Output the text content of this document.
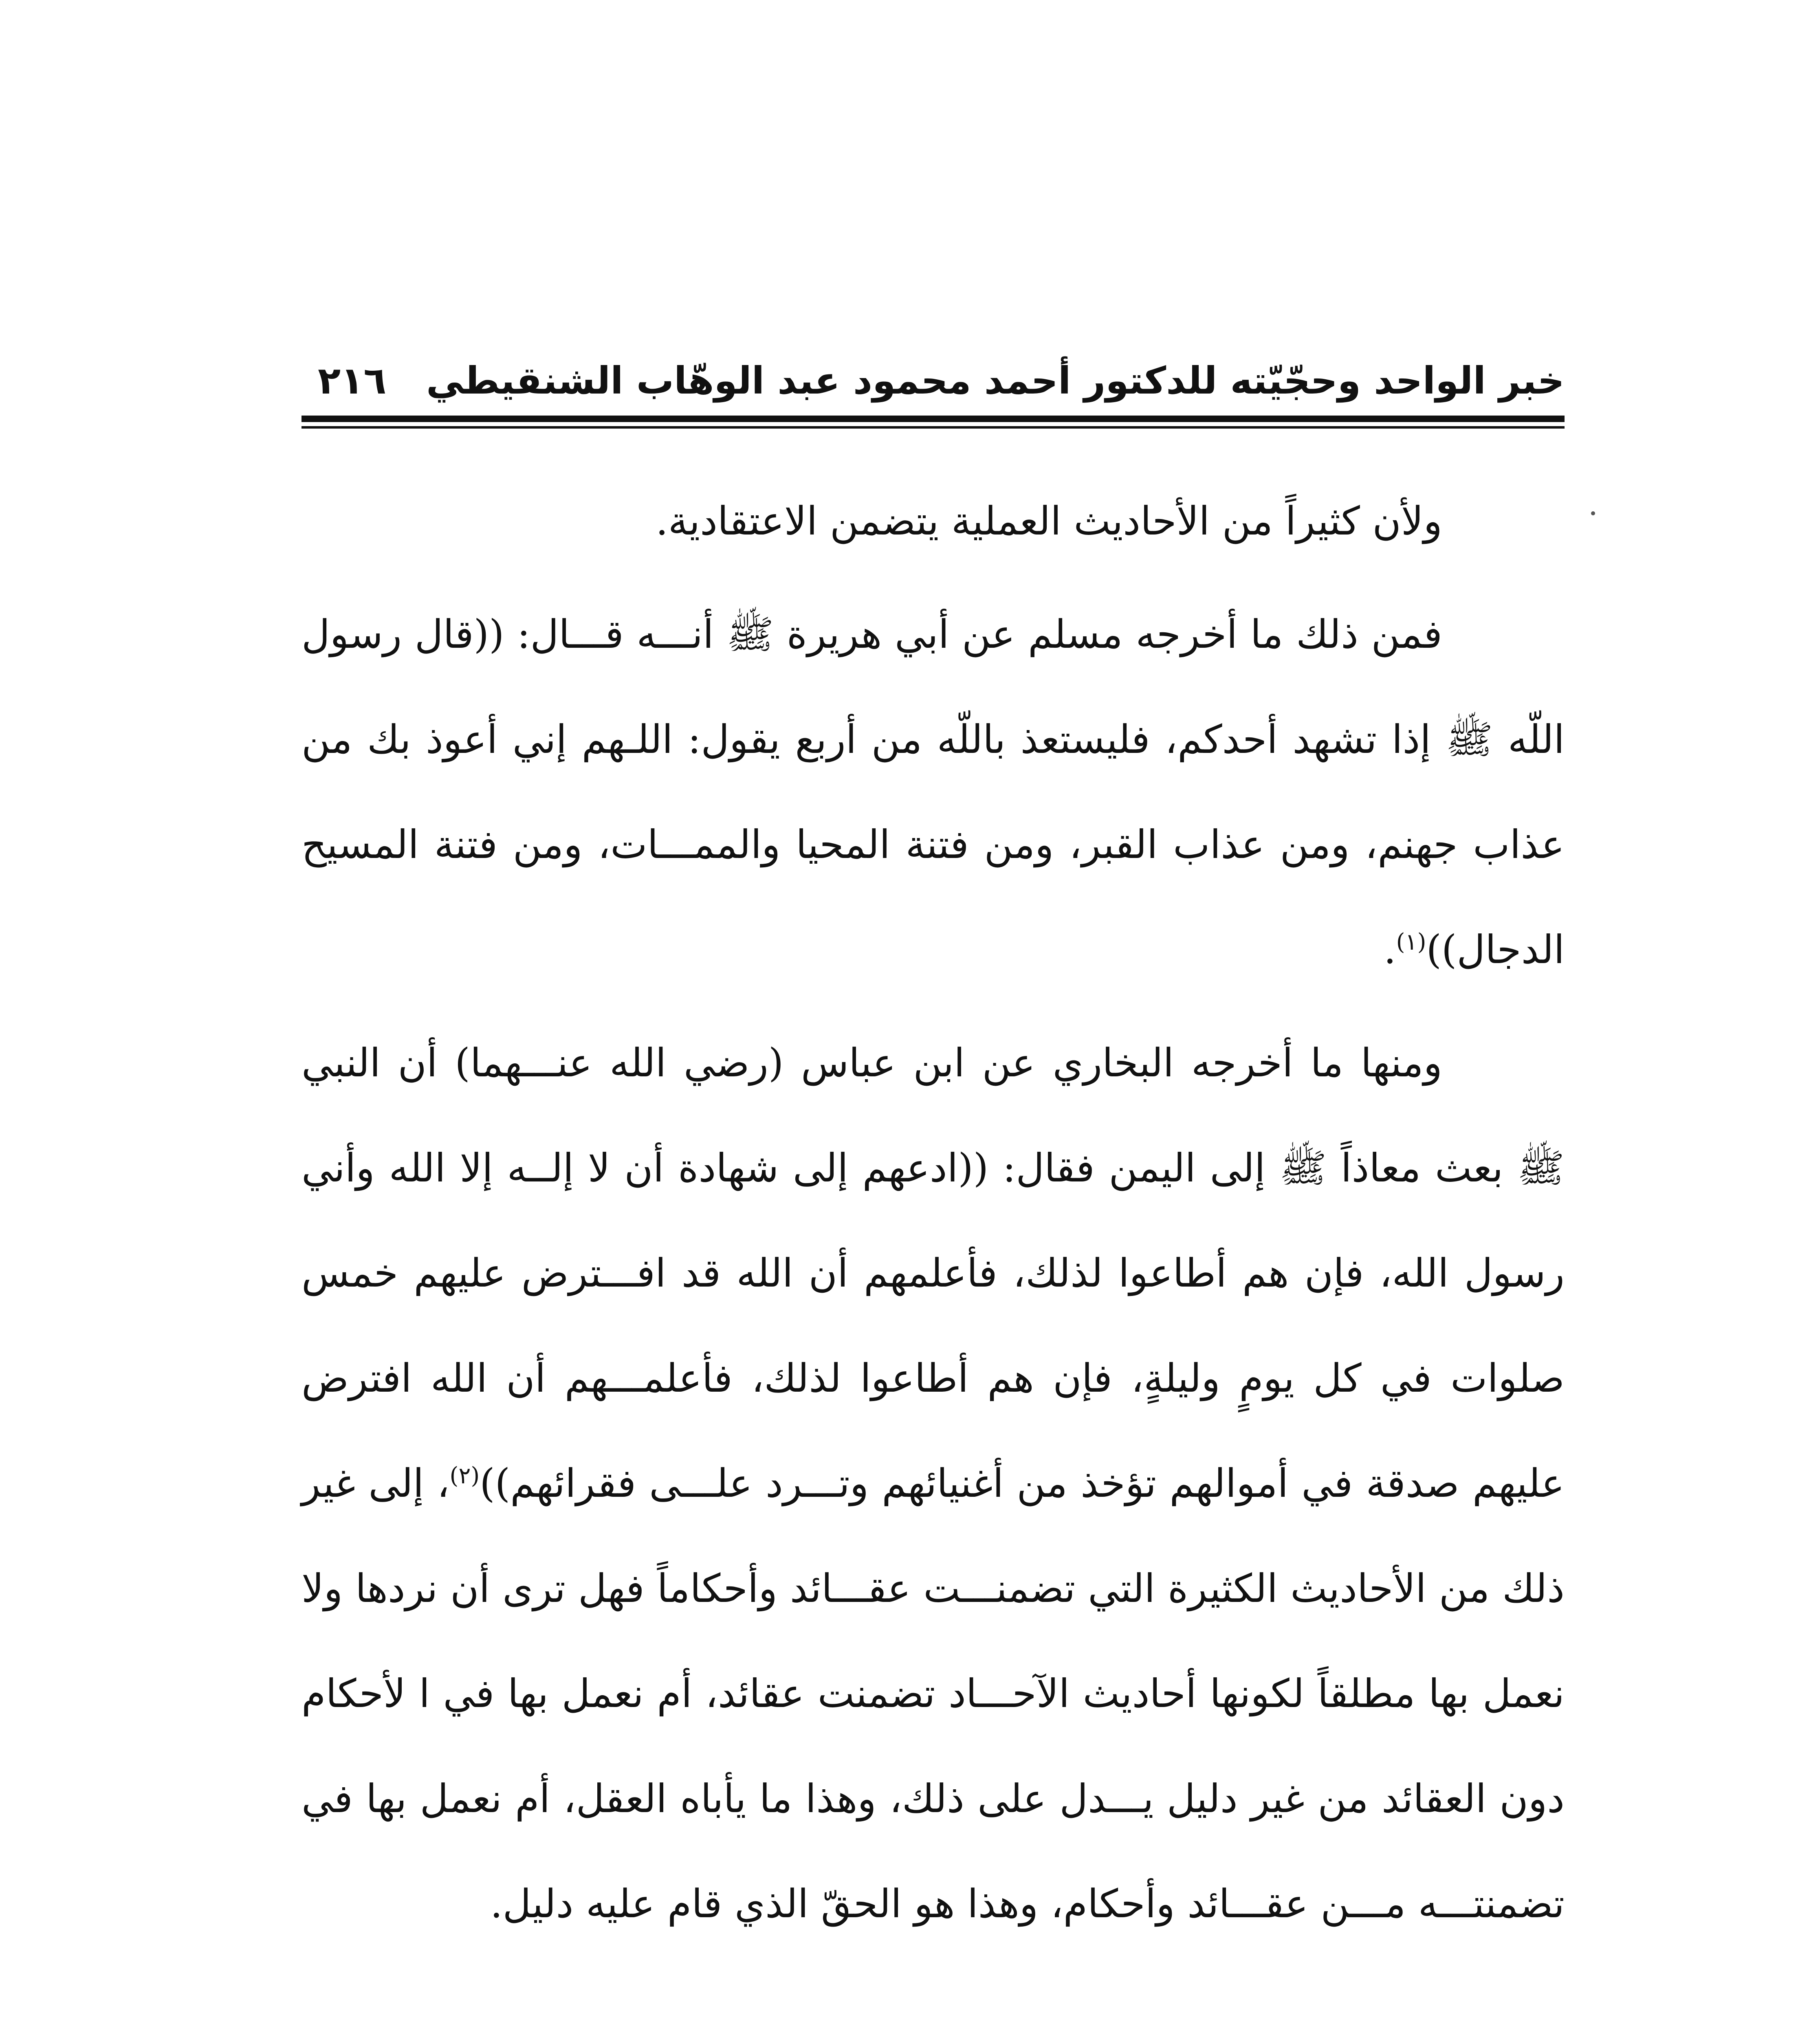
خبر الواحد وحجّيّته للدكتور أحمد محمود عبد الوهّاب الشنقيطي
٢١٦

ولأن كثيراً من الأحاديث العملية يتضمن الاعتقادية.

فمن ذلك ما أخرجه مسلم عن أبي هريرة ﷺ أنـــه قـــال: ((قال رسول اللّه ﷺ إذا تشهد أحدكم، فليستعذ باللّه من أربع يقول: اللـهم إني أعوذ بك من عذاب جهنم، ومن عذاب القبر، ومن فتنة المحيا والممـــات، ومن فتنة المسيح الدجال))$^{(١)}$.

ومنها ما أخرجه البخاري عن ابن عباس (رضي الله عنـــهما) أن النبي ﷺ بعث معاذاً ﷺ إلى اليمن فقال: ((ادعهم إلى شهادة أن لا إلــه إلا الله وأني رسول الله، فإن هم أطاعوا لذلك، فأعلمهم أن الله قد افـــترض عليهم خمس صلوات في كل يومٍ وليلةٍ، فإن هم أطاعوا لذلك، فأعلمـــهم أن الله افترض عليهم صدقة في أموالهم تؤخذ من أغنيائهم وتـــرد علـــى فقرائهم))$^{(٢)}$، إلى غير ذلك من الأحاديث الكثيرة التي تضمنـــت عقـــائد وأحكاماً فهل ترى أن نردها ولا نعمل بها مطلقاً لكونها أحاديث الآحـــاد تضمنت عقائد، أم نعمل بها في ا لأحكام دون العقائد من غير دليل يـــدل على ذلك، وهذا ما يأباه العقل، أم نعمل بها في تضمنتـــه مـــن عقـــائد وأحكام، وهذا هو الحقّ الذي قام عليه دليل.
